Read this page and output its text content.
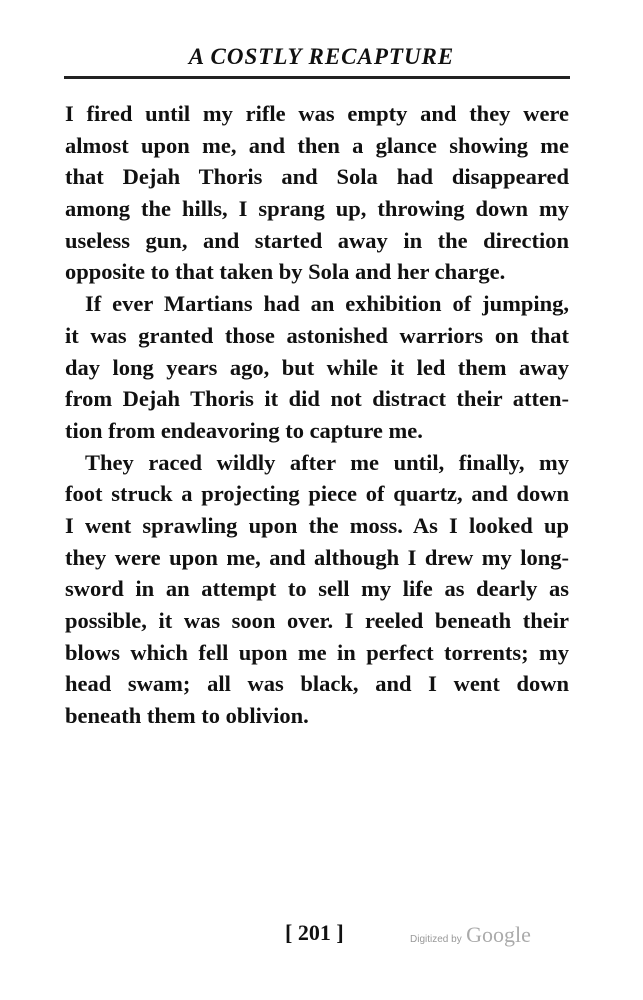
A COSTLY RECAPTURE
I fired until my rifle was empty and they were
almost upon me, and then a glance showing me
that Dejah Thoris and Sola had disappeared
among the hills, I sprang up, throwing down my
useless gun, and started away in the direction
opposite to that taken by Sola and her charge.
If ever Martians had an exhibition of jumping,
it was granted those astonished warriors on that
day long years ago, but while it led them away
from Dejah Thoris it did not distract their atten-
tion from endeavoring to capture me.
They raced wildly after me until, finally, my
foot struck a projecting piece of quartz, and down
I went sprawling upon the moss. As I looked up
they were upon me, and although I drew my long-
sword in an attempt to sell my life as dearly as
possible, it was soon over. I reeled beneath their
blows which fell upon me in perfect torrents; my
head swam; all was black, and I went down
beneath them to oblivion.
[ 201 ]	Digitized by Google
